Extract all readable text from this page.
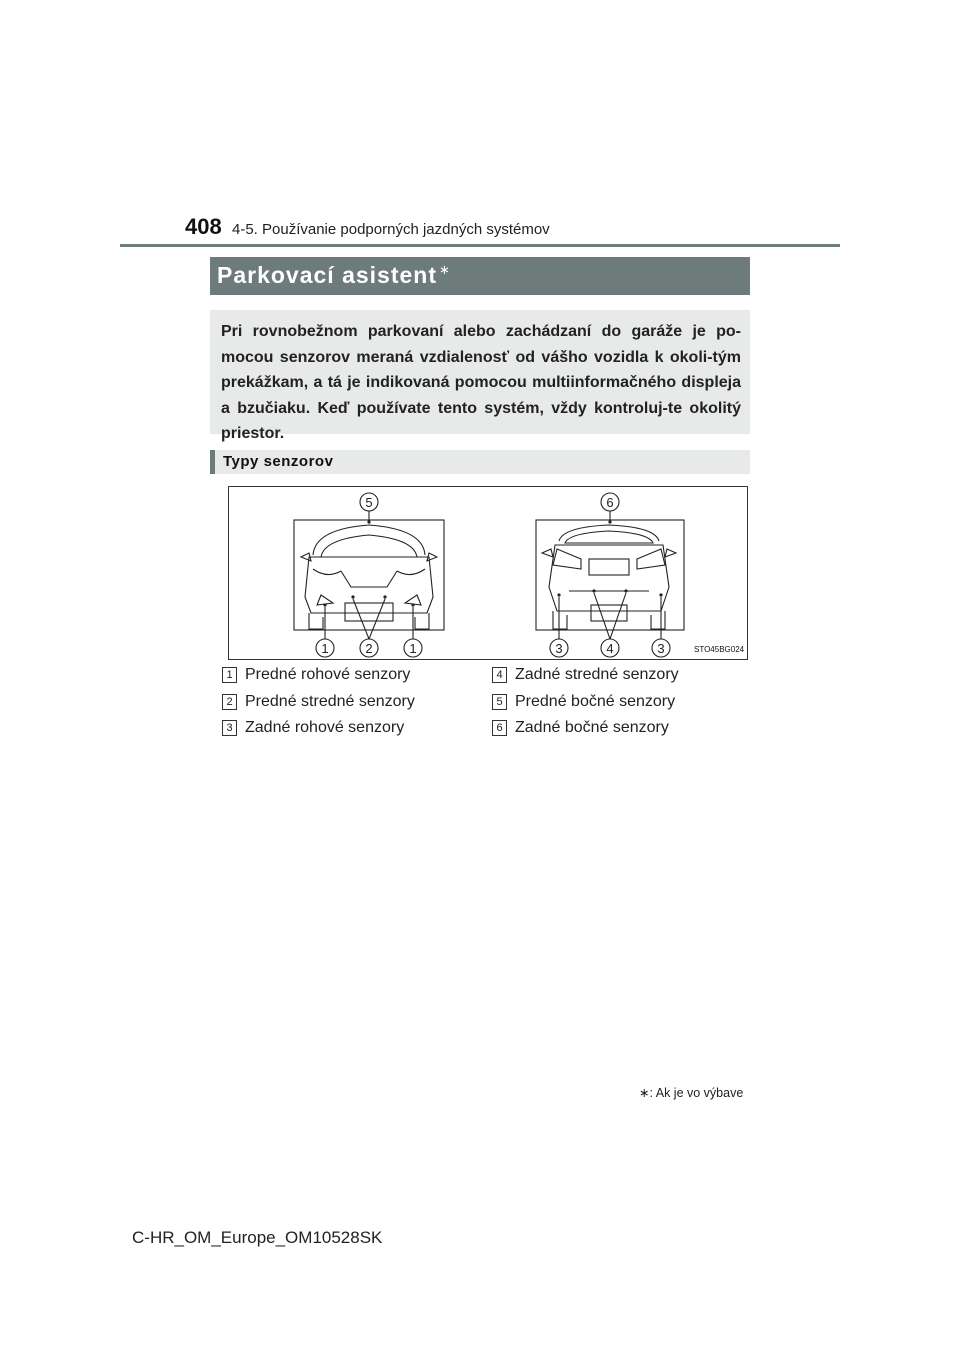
408 4-5. Používanie podporných jazdných systémov
Parkovací asistent ∗
Pri rovnobežnom parkovaní alebo zachádzaní do garáže je po-mocou senzorov meraná vzdialenosť od vášho vozidla k okoli-tým prekážkam, a tá je indikovaná pomocou multiinformačného displeja a bzučiaku. Keď používate tento systém, vždy kontroluj-te okolitý priestor.
Typy senzorov
5	6
1	2	1	3	4	3	STO45BG024
1 Predné rohové senzory
2 Predné stredné senzory
3 Zadné rohové senzory
4 Zadné stredné senzory
5 Predné bočné senzory
6 Zadné bočné senzory
∗: Ak je vo výbave
C-HR_OM_Europe_OM10528SK
